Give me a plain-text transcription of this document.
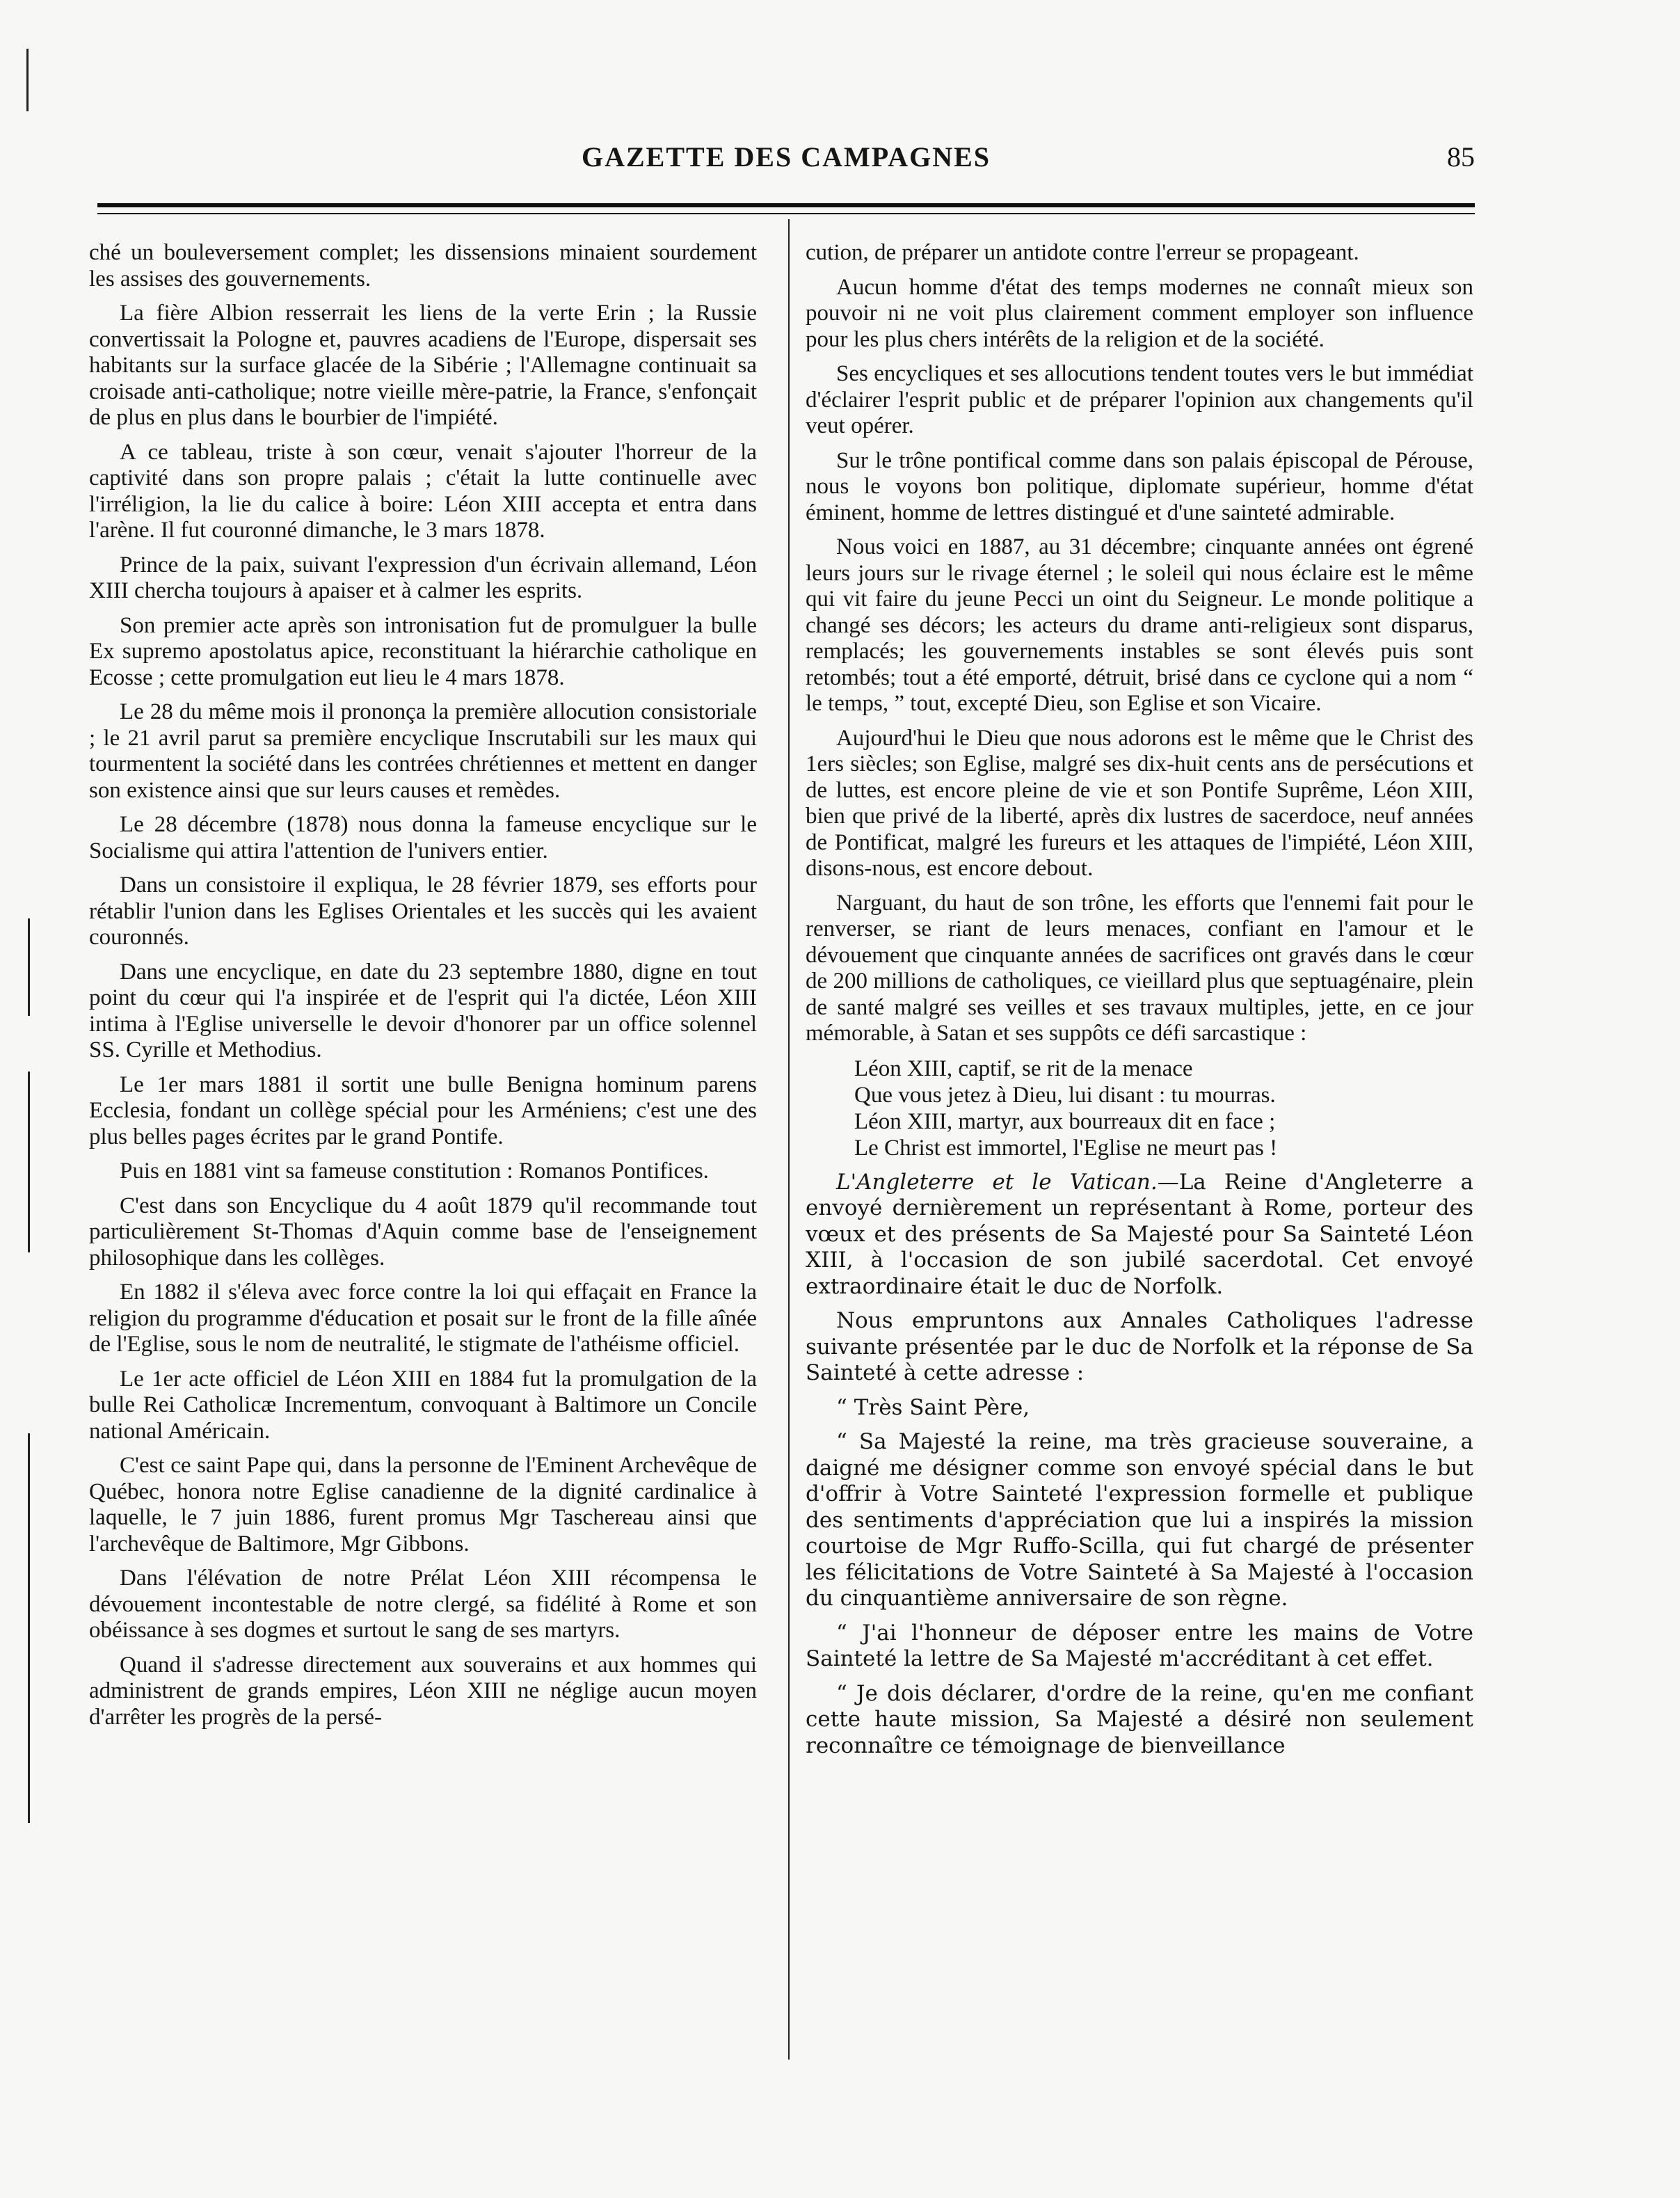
GAZETTE DES CAMPAGNES	85

ché un bouleversement complet; les dissensions minaient sourdement les assises des gouvernements.

La fière Albion resserrait les liens de la verte Erin ; la Russie convertissait la Pologne et, pauvres acadiens de l'Europe, dispersait ses habitants sur la surface glacée de la Sibérie ; l'Allemagne continuait sa croisade anti-catholique; notre vieille mère-patrie, la France, s'enfonçait de plus en plus dans le bourbier de l'impiété.

A ce tableau, triste à son cœur, venait s'ajouter l'horreur de la captivité dans son propre palais ; c'était la lutte continuelle avec l'irréligion, la lie du calice à boire: Léon XIII accepta et entra dans l'arène. Il fut couronné dimanche, le 3 mars 1878.

Prince de la paix, suivant l'expression d'un écrivain allemand, Léon XIII chercha toujours à apaiser et à calmer les esprits.

Son premier acte après son intronisation fut de promulguer la bulle Ex supremo apostolatus apice, reconstituant la hiérarchie catholique en Ecosse ; cette promulgation eut lieu le 4 mars 1878.

Le 28 du même mois il prononça la première allocution consistoriale ; le 21 avril parut sa première encyclique Inscrutabili sur les maux qui tourmentent la société dans les contrées chrétiennes et mettent en danger son existence ainsi que sur leurs causes et remèdes.

Le 28 décembre (1878) nous donna la fameuse encyclique sur le Socialisme qui attira l'attention de l'univers entier.

Dans un consistoire il expliqua, le 28 février 1879, ses efforts pour rétablir l'union dans les Eglises Orientales et les succès qui les avaient couronnés.

Dans une encyclique, en date du 23 septembre 1880, digne en tout point du cœur qui l'a inspirée et de l'esprit qui l'a dictée, Léon XIII intima à l'Eglise universelle le devoir d'honorer par un office solennel SS. Cyrille et Methodius.

Le 1er mars 1881 il sortit une bulle Benigna hominum parens Ecclesia, fondant un collège spécial pour les Arméniens; c'est une des plus belles pages écrites par le grand Pontife.

Puis en 1881 vint sa fameuse constitution : Romanos Pontifices.

C'est dans son Encyclique du 4 août 1879 qu'il recommande tout particulièrement St-Thomas d'Aquin comme base de l'enseignement philosophique dans les collèges.

En 1882 il s'éleva avec force contre la loi qui effaçait en France la religion du programme d'éducation et posait sur le front de la fille aînée de l'Eglise, sous le nom de neutralité, le stigmate de l'athéisme officiel.

Le 1er acte officiel de Léon XIII en 1884 fut la promulgation de la bulle Rei Catholicæ Incrementum, convoquant à Baltimore un Concile national Américain.

C'est ce saint Pape qui, dans la personne de l'Eminent Archevêque de Québec, honora notre Eglise canadienne de la dignité cardinalice à laquelle, le 7 juin 1886, furent promus Mgr Taschereau ainsi que l'archevêque de Baltimore, Mgr Gibbons.

Dans l'élévation de notre Prélat Léon XIII récompensa le dévouement incontestable de notre clergé, sa fidélité à Rome et son obéissance à ses dogmes et surtout le sang de ses martyrs.

Quand il s'adresse directement aux souverains et aux hommes qui administrent de grands empires, Léon XIII ne néglige aucun moyen d'arrêter les progrès de la persé-

cution, de préparer un antidote contre l'erreur se propageant.

Aucun homme d'état des temps modernes ne connaît mieux son pouvoir ni ne voit plus clairement comment employer son influence pour les plus chers intérêts de la religion et de la société.

Ses encycliques et ses allocutions tendent toutes vers le but immédiat d'éclairer l'esprit public et de préparer l'opinion aux changements qu'il veut opérer.

Sur le trône pontifical comme dans son palais épiscopal de Pérouse, nous le voyons bon politique, diplomate supérieur, homme d'état éminent, homme de lettres distingué et d'une sainteté admirable.

Nous voici en 1887, au 31 décembre; cinquante années ont égrené leurs jours sur le rivage éternel ; le soleil qui nous éclaire est le même qui vit faire du jeune Pecci un oint du Seigneur. Le monde politique a changé ses décors; les acteurs du drame anti-religieux sont disparus, remplacés; les gouvernements instables se sont élevés puis sont retombés; tout a été emporté, détruit, brisé dans ce cyclone qui a nom “ le temps, ” tout, excepté Dieu, son Eglise et son Vicaire.

Aujourd'hui le Dieu que nous adorons est le même que le Christ des 1ers siècles; son Eglise, malgré ses dix-huit cents ans de persécutions et de luttes, est encore pleine de vie et son Pontife Suprême, Léon XIII, bien que privé de la liberté, après dix lustres de sacerdoce, neuf années de Pontificat, malgré les fureurs et les attaques de l'impiété, Léon XIII, disons-nous, est encore debout.

Narguant, du haut de son trône, les efforts que l'ennemi fait pour le renverser, se riant de leurs menaces, confiant en l'amour et le dévouement que cinquante années de sacrifices ont gravés dans le cœur de 200 millions de catholiques, ce vieillard plus que septuagénaire, plein de santé malgré ses veilles et ses travaux multiples, jette, en ce jour mémorable, à Satan et ses suppôts ce défi sarcastique :

Léon XIII, captif, se rit de la menace
Que vous jetez à Dieu, lui disant : tu mourras.
Léon XIII, martyr, aux bourreaux dit en face ;
Le Christ est immortel, l'Eglise ne meurt pas !

L'Angleterre et le Vatican.—La Reine d'Angleterre a envoyé dernièrement un représentant à Rome, porteur des vœux et des présents de Sa Majesté pour Sa Sainteté Léon XIII, à l'occasion de son jubilé sacerdotal. Cet envoyé extraordinaire était le duc de Norfolk.

Nous empruntons aux Annales Catholiques l'adresse suivante présentée par le duc de Norfolk et la réponse de Sa Sainteté à cette adresse :

“ Très Saint Père,

“ Sa Majesté la reine, ma très gracieuse souveraine, a daigné me désigner comme son envoyé spécial dans le but d'offrir à Votre Sainteté l'expression formelle et publique des sentiments d'appréciation que lui a inspirés la mission courtoise de Mgr Ruffo-Scilla, qui fut chargé de présenter les félicitations de Votre Sainteté à Sa Majesté à l'occasion du cinquantième anniversaire de son règne.

“ J'ai l'honneur de déposer entre les mains de Votre Sainteté la lettre de Sa Majesté m'accréditant à cet effet.

“ Je dois déclarer, d'ordre de la reine, qu'en me confiant cette haute mission, Sa Majesté a désiré non seulement reconnaître ce témoignage de bienveillance
